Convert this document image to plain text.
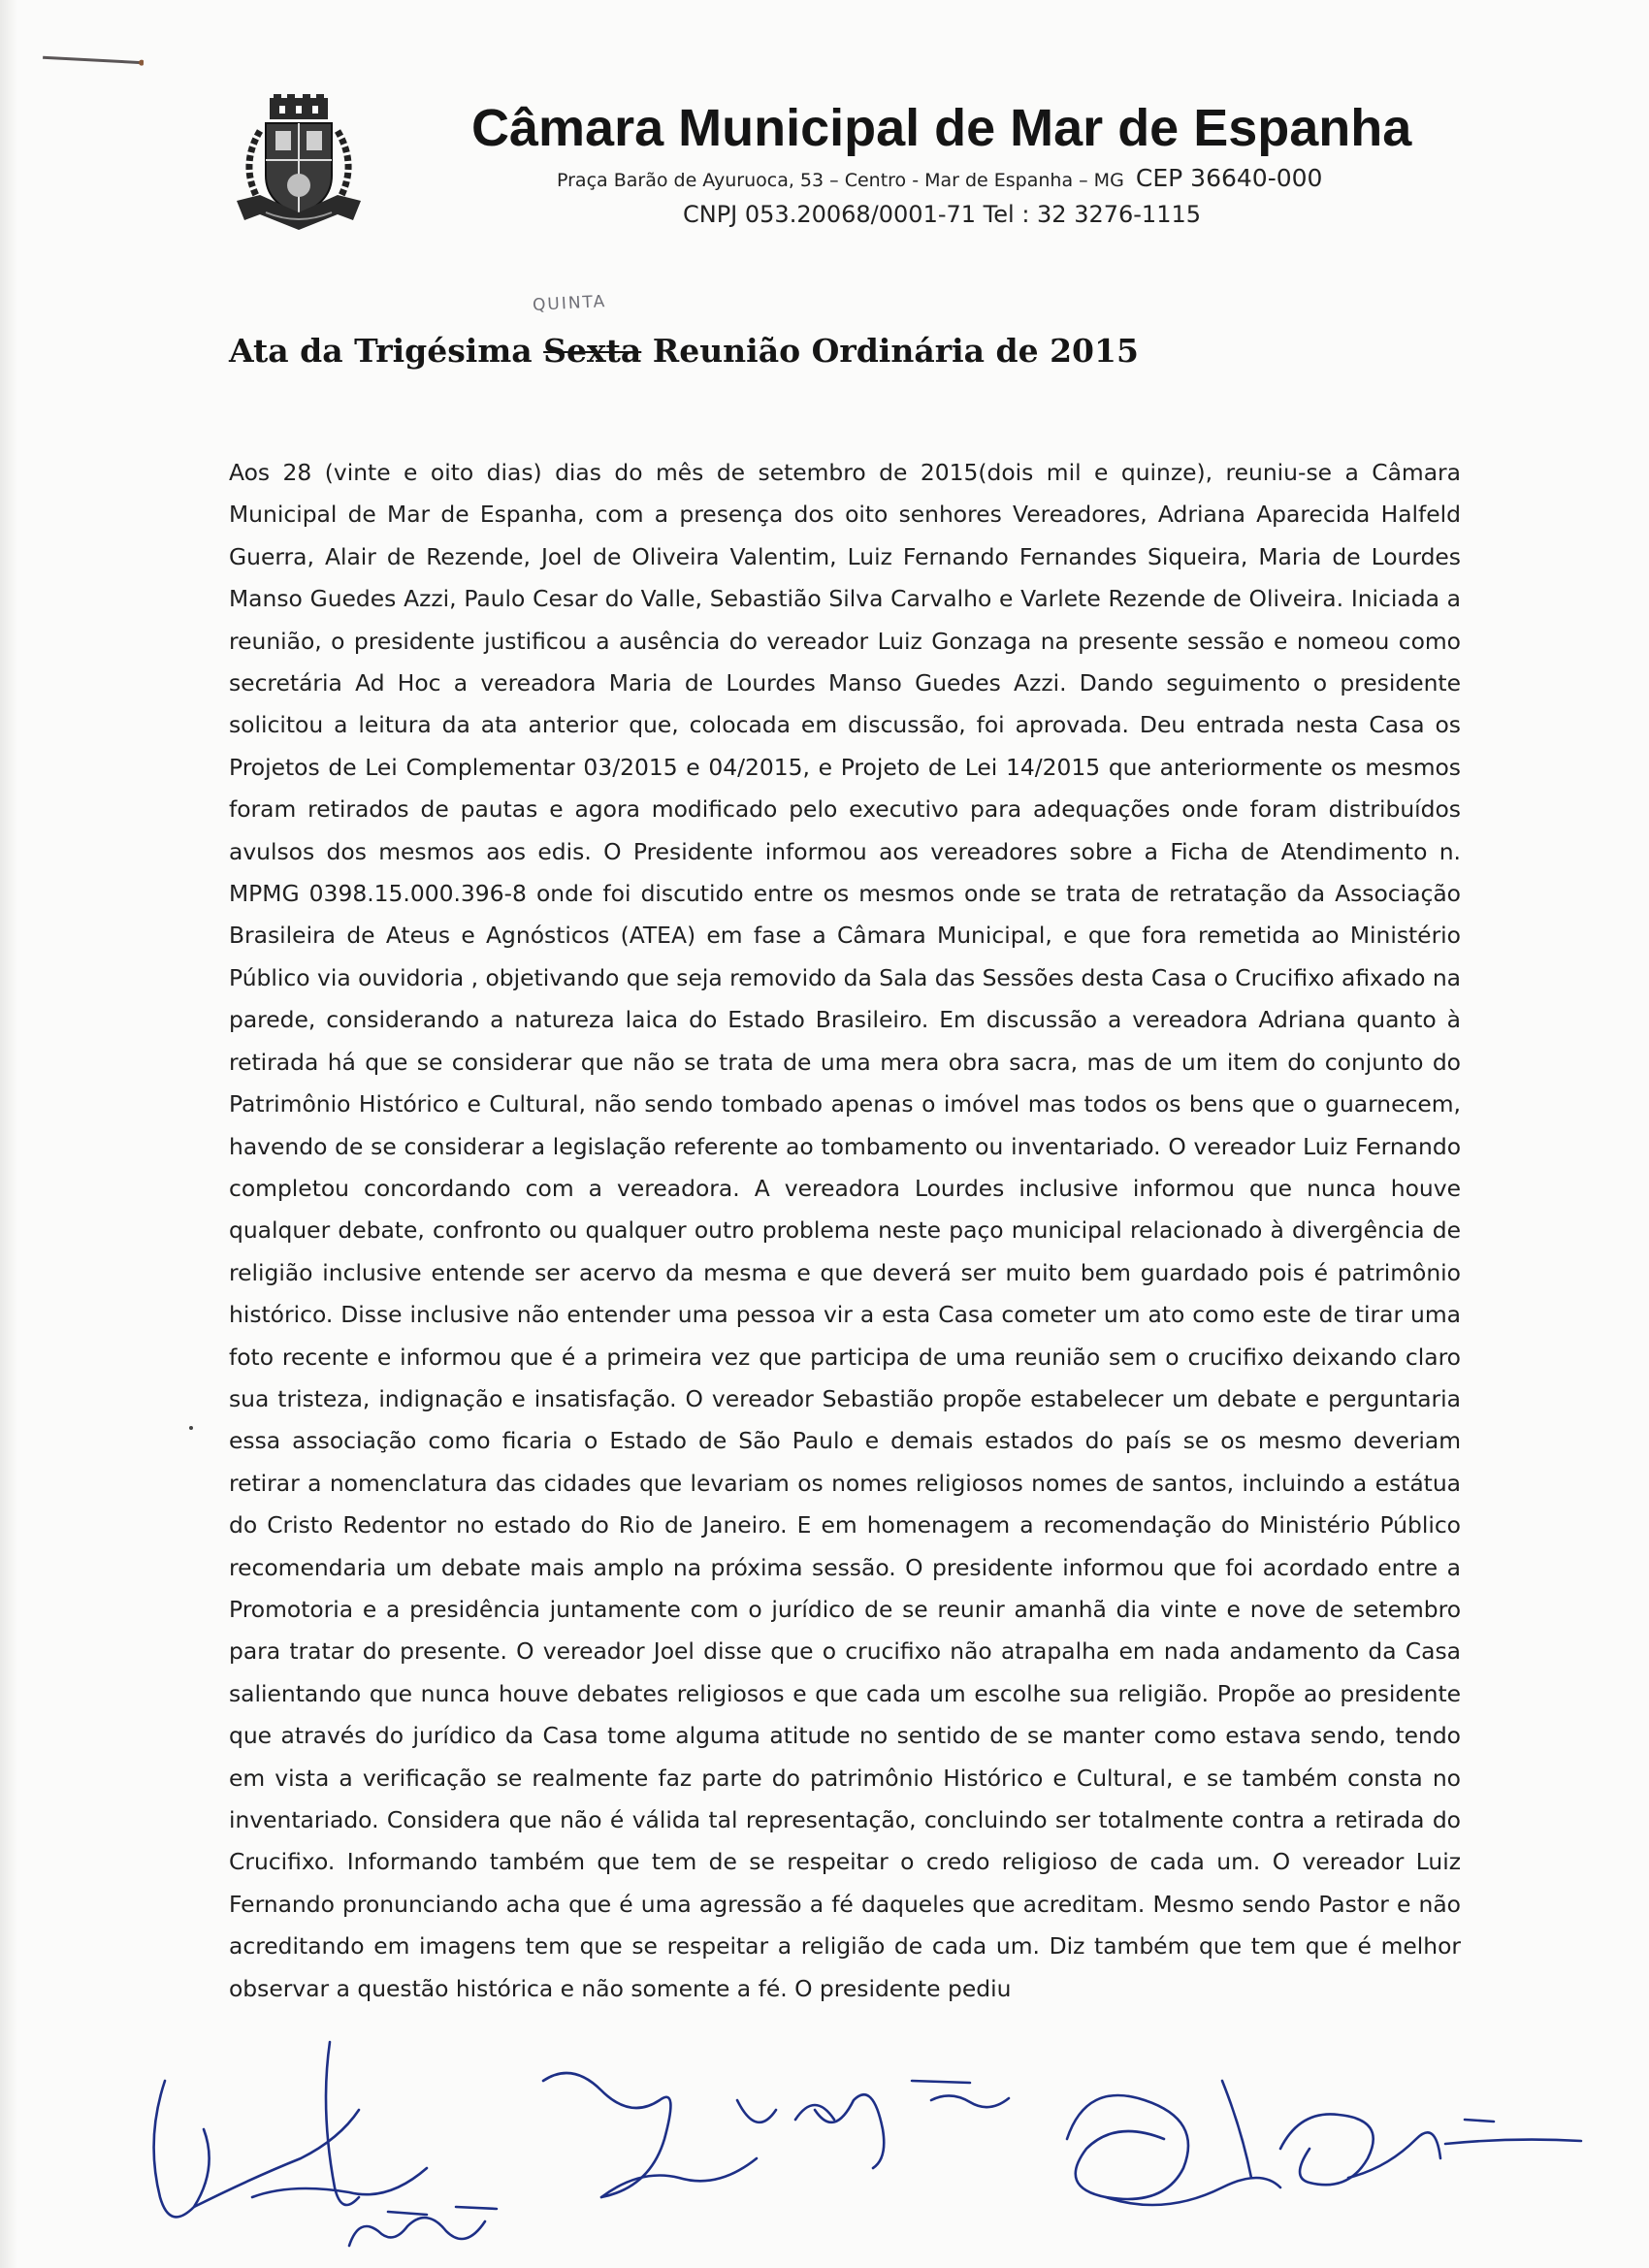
Câmara Municipal de Mar de Espanha
Praça Barão de Ayuruoca, 53 – Centro - Mar de Espanha – MG CEP 36640-000
CNPJ 053.20068/0001-71 Tel : 32 3276-1115
QUINTA
Ata da Trigésima Sexta Reunião Ordinária de 2015

Aos 28 (vinte e oito dias) dias do mês de setembro de 2015(dois mil e quinze), reuniu-se a Câmara Municipal de Mar de Espanha, com a presença dos oito senhores Vereadores, Adriana Aparecida Halfeld Guerra, Alair de Rezende, Joel de Oliveira Valentim, Luiz Fernando Fernandes Siqueira, Maria de Lourdes Manso Guedes Azzi, Paulo Cesar do Valle, Sebastião Silva Carvalho e Varlete Rezende de Oliveira. Iniciada a reunião, o presidente justificou a ausência do vereador Luiz Gonzaga na presente sessão e nomeou como secretária Ad Hoc a vereadora Maria de Lourdes Manso Guedes Azzi. Dando seguimento o presidente solicitou a leitura da ata anterior que, colocada em discussão, foi aprovada. Deu entrada nesta Casa os Projetos de Lei Complementar 03/2015 e 04/2015, e Projeto de Lei 14/2015 que anteriormente os mesmos foram retirados de pautas e agora modificado pelo executivo para adequações onde foram distribuídos avulsos dos mesmos aos edis. O Presidente informou aos vereadores sobre a Ficha de Atendimento n. MPMG 0398.15.000.396-8 onde foi discutido entre os mesmos onde se trata de retratação da Associação Brasileira de Ateus e Agnósticos (ATEA) em fase a Câmara Municipal, e que fora remetida ao Ministério Público via ouvidoria , objetivando que seja removido da Sala das Sessões desta Casa o Crucifixo afixado na parede, considerando a natureza laica do Estado Brasileiro. Em discussão a vereadora Adriana quanto à retirada há que se considerar que não se trata de uma mera obra sacra, mas de um item do conjunto do Patrimônio Histórico e Cultural, não sendo tombado apenas o imóvel mas todos os bens que o guarnecem, havendo de se considerar a legislação referente ao tombamento ou inventariado. O vereador Luiz Fernando completou concordando com a vereadora. A vereadora Lourdes inclusive informou que nunca houve qualquer debate, confronto ou qualquer outro problema neste paço municipal relacionado à divergência de religião inclusive entende ser acervo da mesma e que deverá ser muito bem guardado pois é patrimônio histórico. Disse inclusive não entender uma pessoa vir a esta Casa cometer um ato como este de tirar uma foto recente e informou que é a primeira vez que participa de uma reunião sem o crucifixo deixando claro sua tristeza, indignação e insatisfação. O vereador Sebastião propõe estabelecer um debate e perguntaria essa associação como ficaria o Estado de São Paulo e demais estados do país se os mesmo deveriam retirar a nomenclatura das cidades que levariam os nomes religiosos nomes de santos, incluindo a estátua do Cristo Redentor no estado do Rio de Janeiro. E em homenagem a recomendação do Ministério Público recomendaria um debate mais amplo na próxima sessão. O presidente informou que foi acordado entre a Promotoria e a presidência juntamente com o jurídico de se reunir amanhã dia vinte e nove de setembro para tratar do presente. O vereador Joel disse que o crucifixo não atrapalha em nada andamento da Casa salientando que nunca houve debates religiosos e que cada um escolhe sua religião. Propõe ao presidente que através do jurídico da Casa tome alguma atitude no sentido de se manter como estava sendo, tendo em vista a verificação se realmente faz parte do patrimônio Histórico e Cultural, e se também consta no inventariado. Considera que não é válida tal representação, concluindo ser totalmente contra a retirada do Crucifixo. Informando também que tem de se respeitar o credo religioso de cada um. O vereador Luiz Fernando pronunciando acha que é uma agressão a fé daqueles que acreditam. Mesmo sendo Pastor e não acreditando em imagens tem que se respeitar a religião de cada um. Diz também que tem que é melhor observar a questão histórica e não somente a fé. O presidente pediu
